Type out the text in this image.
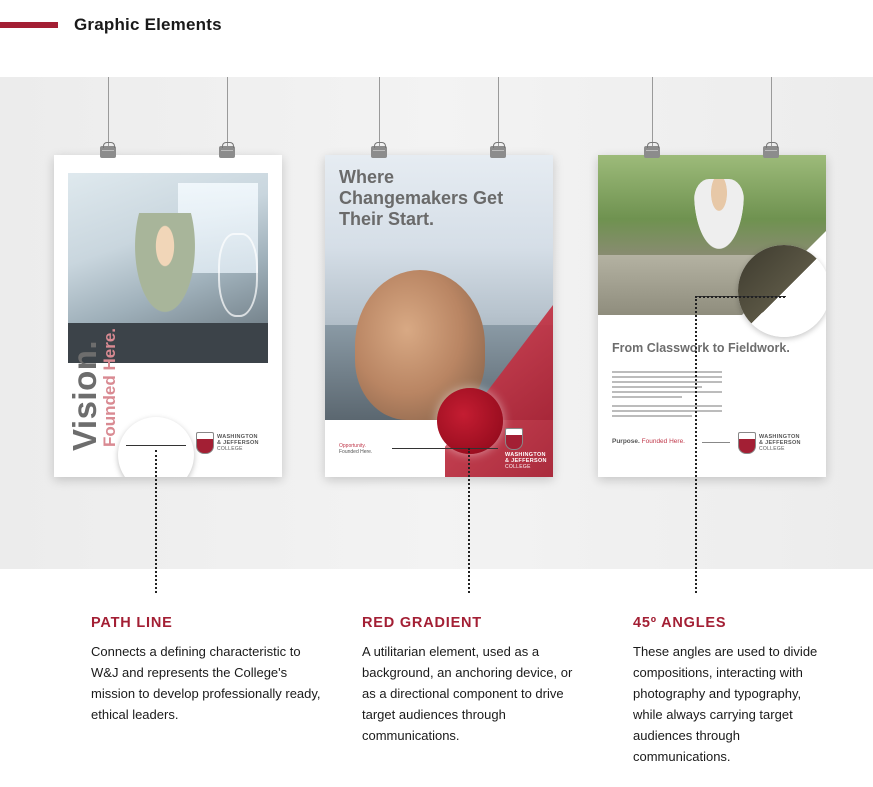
Graphic Elements
Vision.
Founded Here.	WASHINGTON
& JEFFERSON
COLLEGE
Where Changemakers Get Their Start.
Opportunity.
Founded Here.	WASHINGTON
& JEFFERSON
COLLEGE
From Classwork to Fieldwork.
Purpose. Founded Here.
WASHINGTON
& JEFFERSON
COLLEGE
PATH LINE

Connects a defining characteristic to W&J and represents the College's mission to develop professionally ready, ethical leaders.

RED GRADIENT

A utilitarian element, used as a background, an anchoring device, or as a directional component to drive target audiences through communications.

45º ANGLES

These angles are used to divide compositions, interacting with photography and typography, while always carrying target audiences through communications.
